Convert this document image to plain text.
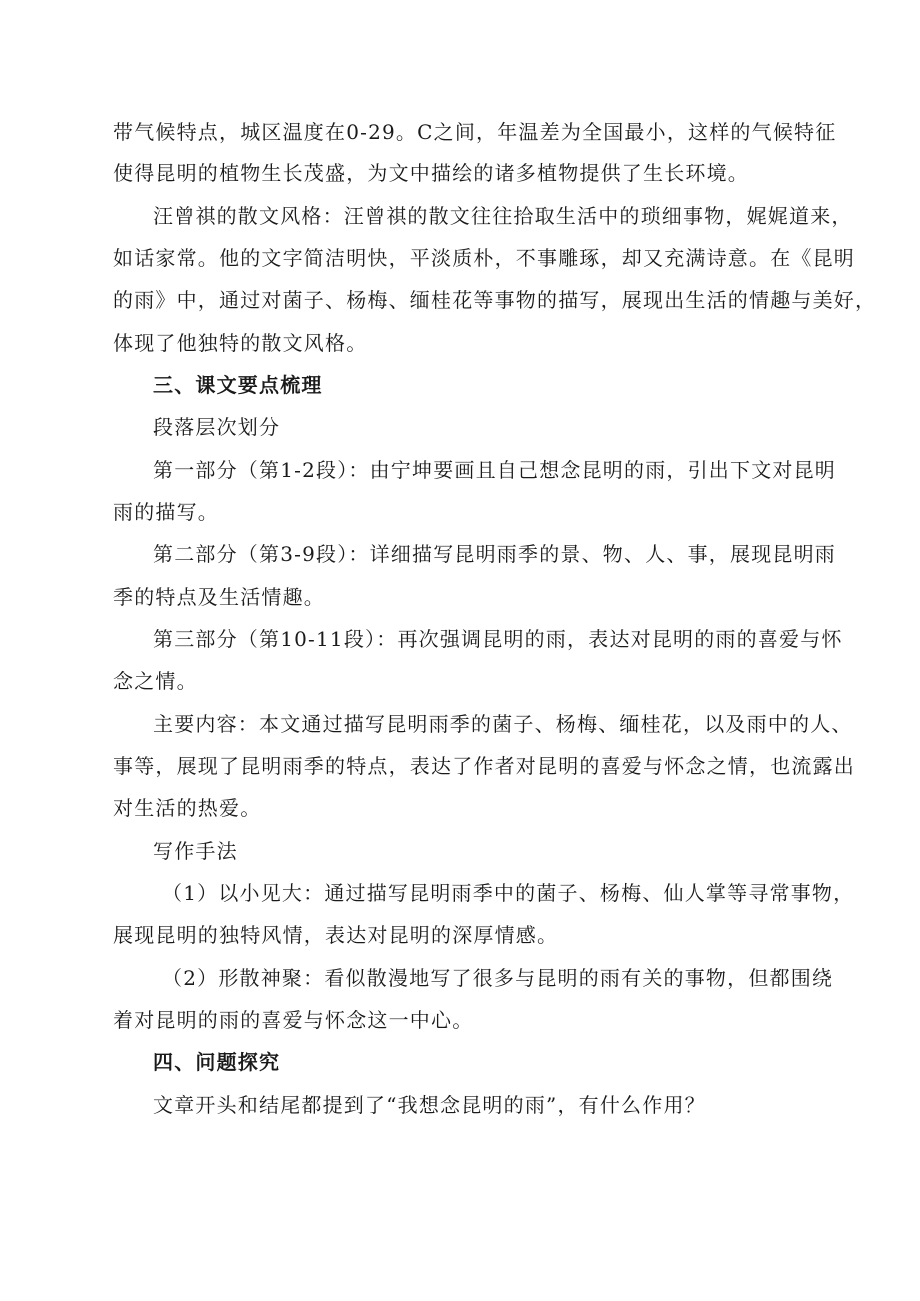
带气候特点，城区温度在0-29。C之间，年温差为全国最小，这样的气候特征
使得昆明的植物生长茂盛，为文中描绘的诸多植物提供了生长环境。
汪曾祺的散文风格：汪曾祺的散文往往拾取生活中的琐细事物，娓娓道来，
如话家常。他的文字简洁明快，平淡质朴，不事雕琢，却又充满诗意。在《昆明
的雨》中，通过对菌子、杨梅、缅桂花等事物的描写，展现出生活的情趣与美好，
体现了他独特的散文风格。
三、课文要点梳理
段落层次划分
第一部分（第1-2段）：由宁坤要画且自己想念昆明的雨，引出下文对昆明
雨的描写。
第二部分（第3-9段）：详细描写昆明雨季的景、物、人、事，展现昆明雨
季的特点及生活情趣。
第三部分（第10-11段）：再次强调昆明的雨，表达对昆明的雨的喜爱与怀
念之情。
主要内容：本文通过描写昆明雨季的菌子、杨梅、缅桂花，以及雨中的人、
事等，展现了昆明雨季的特点，表达了作者对昆明的喜爱与怀念之情，也流露出
对生活的热爱。
写作手法
（1）以小见大：通过描写昆明雨季中的菌子、杨梅、仙人掌等寻常事物，
展现昆明的独特风情，表达对昆明的深厚情感。
（2）形散神聚：看似散漫地写了很多与昆明的雨有关的事物，但都围绕
着对昆明的雨的喜爱与怀念这一中心。
四、问题探究
文章开头和结尾都提到了“我想念昆明的雨”，有什么作用？
